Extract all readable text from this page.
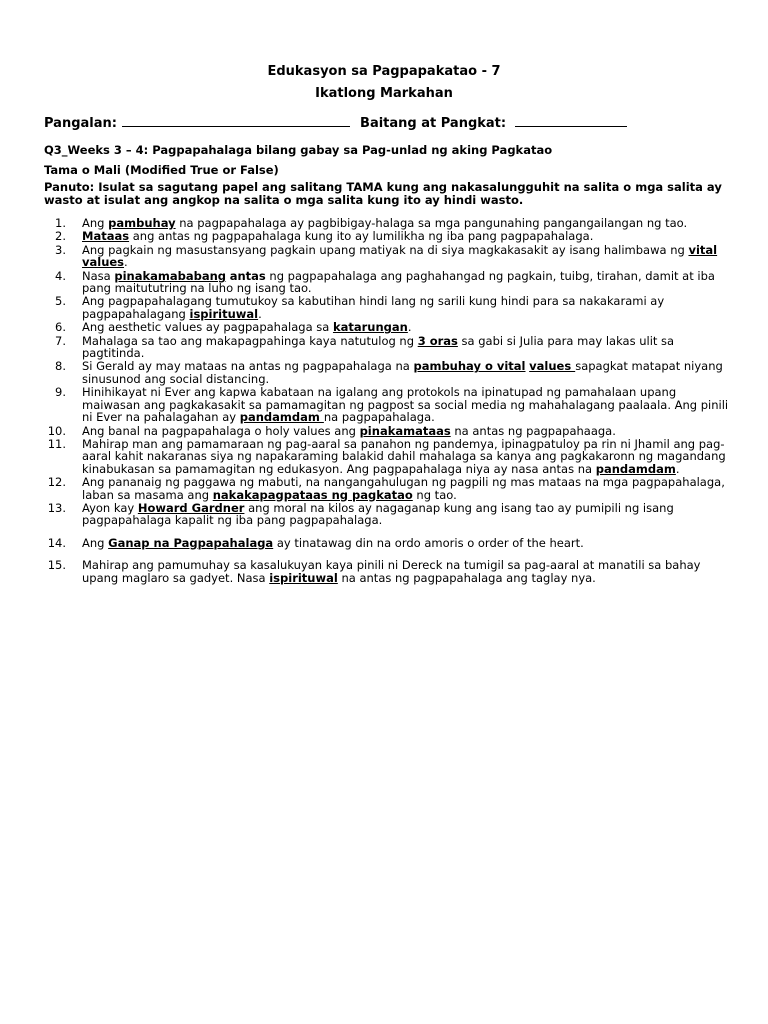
Edukasyon sa Pagpapakatao - 7
Ikatlong Markahan
Pangalan:	Baitang at Pangkat:
Q3_Weeks 3 – 4: Pagpapahalaga bilang gabay sa Pag-unlad ng aking Pagkatao
Tama o Mali (Modified True or False)
Panuto: Isulat sa sagutang papel ang salitang TAMA kung ang nakasalungguhit na salita o mga salita ay wasto at isulat ang angkop na salita o mga salita kung ito ay hindi wasto.
1. Ang pambuhay na pagpapahalaga ay pagbibigay-halaga sa mga pangunahing pangangailangan ng tao.
2. Mataas ang antas ng pagpapahalaga kung ito ay lumilikha ng iba pang pagpapahalaga.
3. Ang pagkain ng masustansyang pagkain upang matiyak na di siya magkakasakit ay isang halimbawa ng vital values.
4. Nasa pinakamababang antas ng pagpapahalaga ang paghahangad ng pagkain, tuibg, tirahan, damit at iba pang maitututring na luho ng isang tao.
5. Ang pagpapahalagang tumutukoy sa kabutihan hindi lang ng sarili kung hindi para sa nakakarami ay pagpapahalagang ispirituwal.
6. Ang aesthetic values ay pagpapahalaga sa katarungan.
7. Mahalaga sa tao ang makapagpahinga kaya natutulog ng 3 oras sa gabi si Julia para may lakas ulit sa pagtitinda.
8. Si Gerald ay may mataas na antas ng pagpapahalaga na pambuhay o vital values sapagkat matapat niyang sinusunod ang social distancing.
9. Hinihikayat ni Ever ang kapwa kabataan na igalang ang protokols na ipinatupad ng pamahalaan upang maiwasan ang pagkakasakit sa pamamagitan ng pagpost sa social media ng mahahalagang paalaala. Ang pinili ni Ever na pahalagahan ay pandamdam na pagpapahalaga.
10. Ang banal na pagpapahalaga o holy values ang pinakamataas na antas ng pagpapahaaga.
11. Mahirap man ang pamamaraan ng pag-aaral sa panahon ng pandemya, ipinagpatuloy pa rin ni Jhamil ang pag-aaral kahit nakaranas siya ng napakaraming balakid dahil mahalaga sa kanya ang pagkakaronn ng magandang kinabukasan sa pamamagitan ng edukasyon. Ang pagpapahalaga niya ay nasa antas na pandamdam.
12. Ang pananaig ng paggawa ng mabuti, na nangangahulugan ng pagpili ng mas mataas na mga pagpapahalaga, laban sa masama ang nakakapagpataas ng pagkatao ng tao.
13. Ayon kay Howard Gardner ang moral na kilos ay nagaganap kung ang isang tao ay pumipili ng isang pagpapahalaga kapalit ng iba pang pagpapahalaga.
14. Ang Ganap na Pagpapahalaga ay tinatawag din na ordo amoris o order of the heart.
15. Mahirap ang pamumuhay sa kasalukuyan kaya pinili ni Dereck na tumigil sa pag-aaral at manatili sa bahay upang maglaro sa gadyet. Nasa ispirituwal na antas ng pagpapahalaga ang taglay nya.
